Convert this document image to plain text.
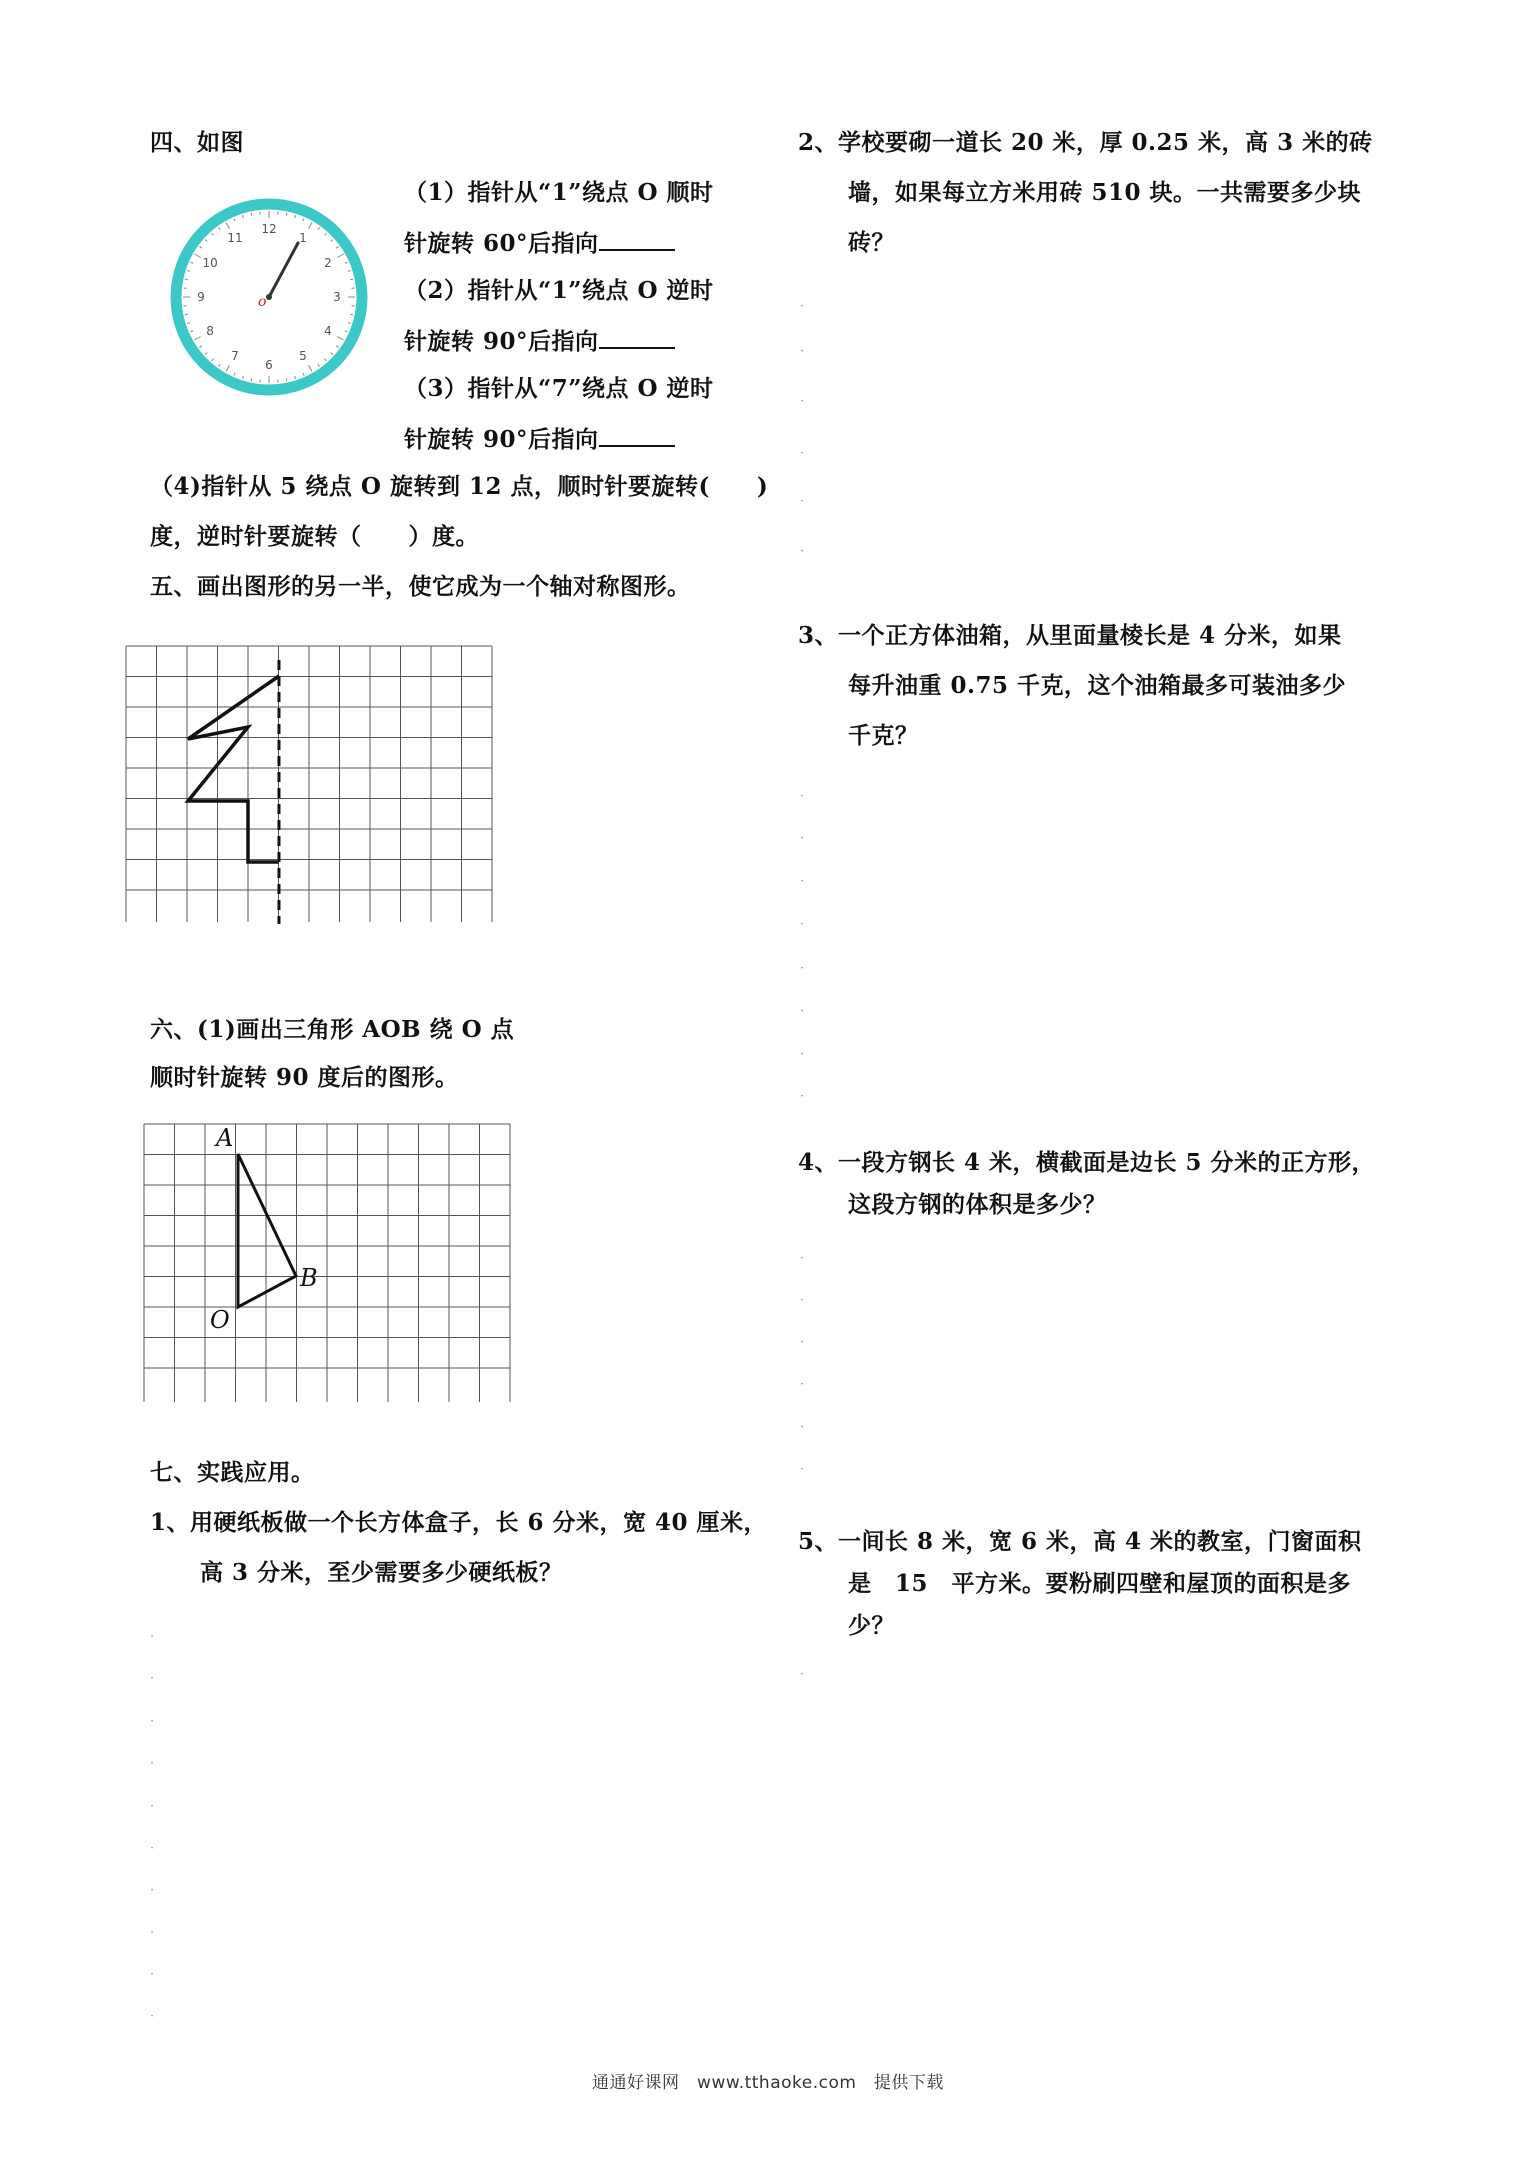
四、如图
12
1
2
3
4
5
6
7
8
9
10
11
o
（1）指针从“1”绕点 O 顺时
针旋转 60°后指向
（2）指针从“1”绕点 O 逆时
针旋转 90°后指向
（3）指针从“7”绕点 O 逆时
针旋转 90°后指向
（4)指针从 5 绕点 O 旋转到 12 点，顺时针要旋转(　　)
度，逆时针要旋转（　　）度。
五、画出图形的另一半，使它成为一个轴对称图形。
六、(1)画出三角形 AOB 绕 O 点
顺时针旋转 90 度后的图形。
A
B
O
七、实践应用。
1、用硬纸板做一个长方体盒子，长 6 分米，宽 40 厘米，
高 3 分米，至少需要多少硬纸板？
2、学校要砌一道长 20 米，厚 0.25 米，高 3 米的砖
墙，如果每立方米用砖 510 块。一共需要多少块
砖？
3、一个正方体油箱，从里面量棱长是 4 分米，如果
每升油重 0.75 千克，这个油箱最多可装油多少
千克？
4、一段方钢长 4 米，横截面是边长 5 分米的正方形，
这段方钢的体积是多少？
5、一间长 8 米，宽 6 米，高 4 米的教室，门窗面积
是　15　平方米。要粉刷四壁和屋顶的面积是多
少？
·
·
·
·
·
·
·
·
·
·
·
·
·
·
·
·
·
·
·
·
·
·
·
·
·
·
·
·
·
·
·
通通好课网　www.tthaoke.com　提供下载
